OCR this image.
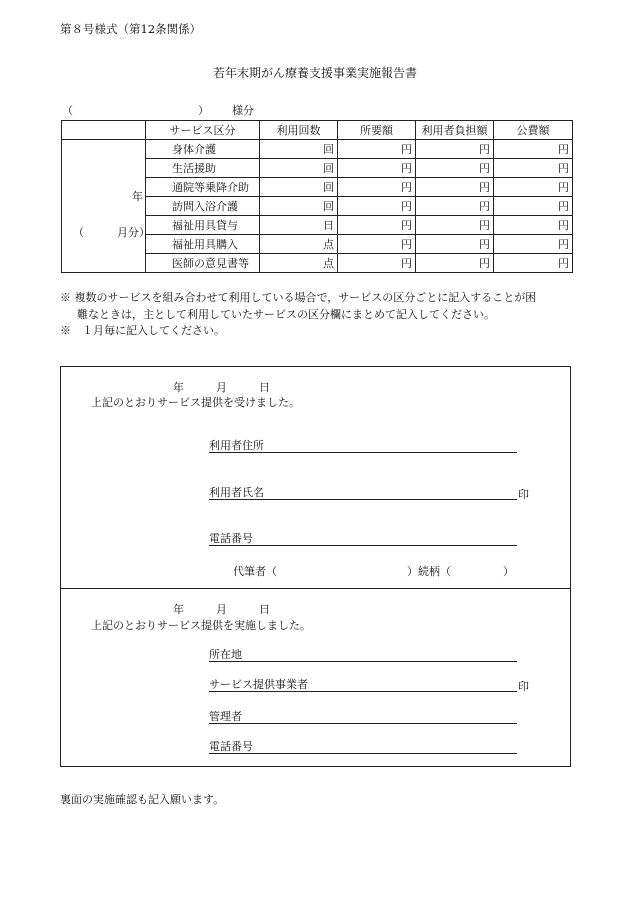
第８号様式（第12条関係）
若年末期がん療養支援事業実施報告書
（	） 様分
	サービス区分	利用回数	所要額	利用者負担額	公費額

年
（　　　月分）	身体介護	回	円	円	円
	生活援助	回	円	円	円
	通院等乗降介助	回	円	円	円
	訪問入浴介護	回	円	円	円
	福祉用具貸与	日	円	円	円
	福祉用具購入	点	円	円	円
	医師の意見書等	点	円	円	円

※ 複数のサービスを組み合わせて利用している場合で，サービスの区分ごとに記入することが困

難なときは，主として利用していたサービスの区分欄にまとめて記入してください。

※　１月毎に記入してください。

年	月	日
上記のとおりサービス提供を受けました。
利用者住所
利用者氏名	印
電話番号
代筆者（	）続柄（	）
年	月	日
上記のとおりサービス提供を実施しました。
所在地
サービス提供事業者	印
管理者
電話番号
裏面の実施確認も記入願います。
